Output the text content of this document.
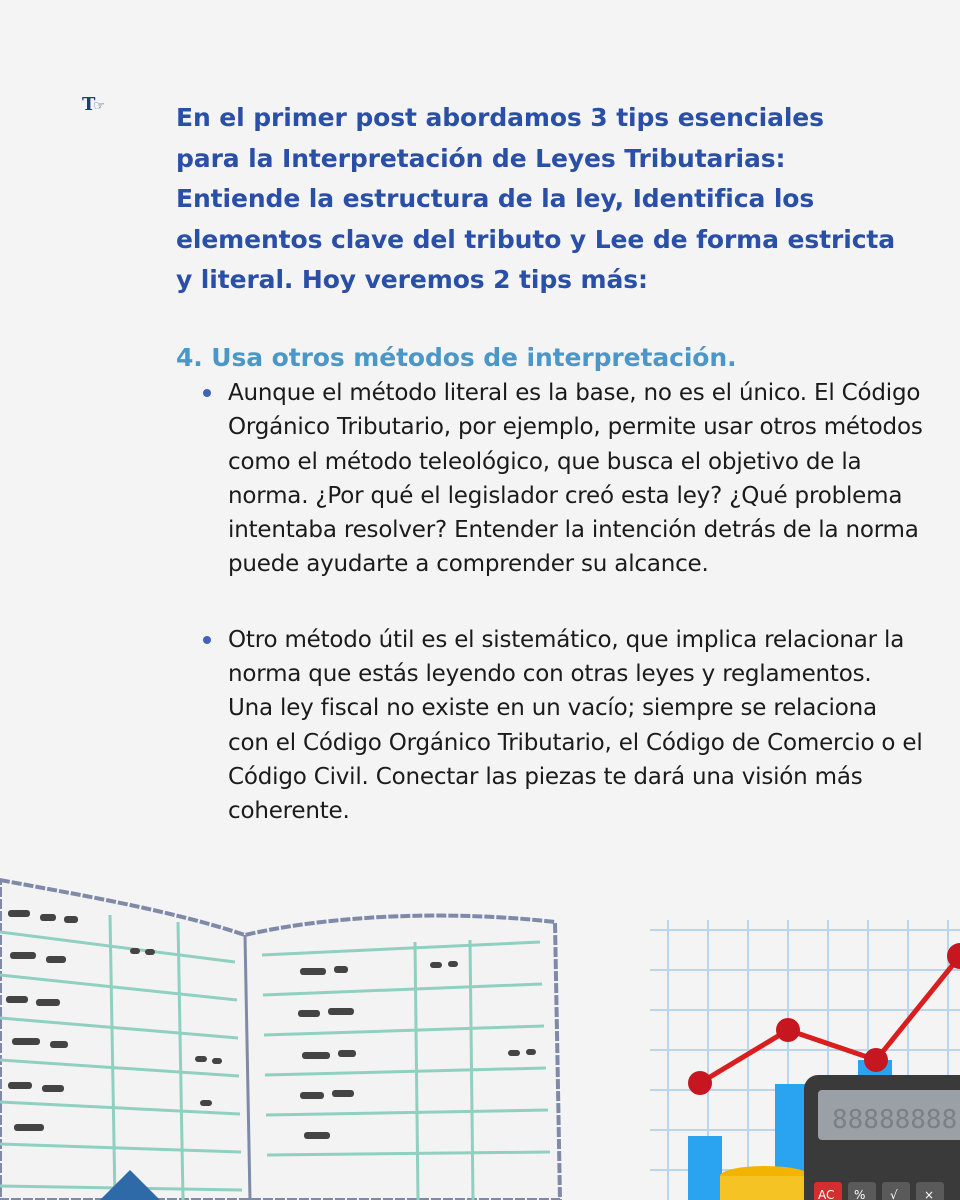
T☞	En el primer post abordamos 3 tips esenciales para la Interpretación de Leyes Tributarias: Entiende la estructura de la ley, Identifica los elementos clave del tributo y Lee de forma estricta y literal. Hoy veremos 2 tips más:

4. Usa otros métodos de interpretación.
Aunque el método literal es la base, no es el único. El Código Orgánico Tributario, por ejemplo, permite usar otros métodos como el método teleológico, que busca el objetivo de la norma. ¿Por qué el legislador creó esta ley? ¿Qué problema intentaba resolver? Entender la intención detrás de la norma puede ayudarte a comprender su alcance.
Otro método útil es el sistemático, que implica relacionar la norma que estás leyendo con otras leyes y reglamentos. Una ley fiscal no existe en un vacío; siempre se relaciona con el Código Orgánico Tributario, el Código de Comercio o el Código Civil. Conectar las piezas te dará una visión más coherente.
88888888
AC % √ ×
